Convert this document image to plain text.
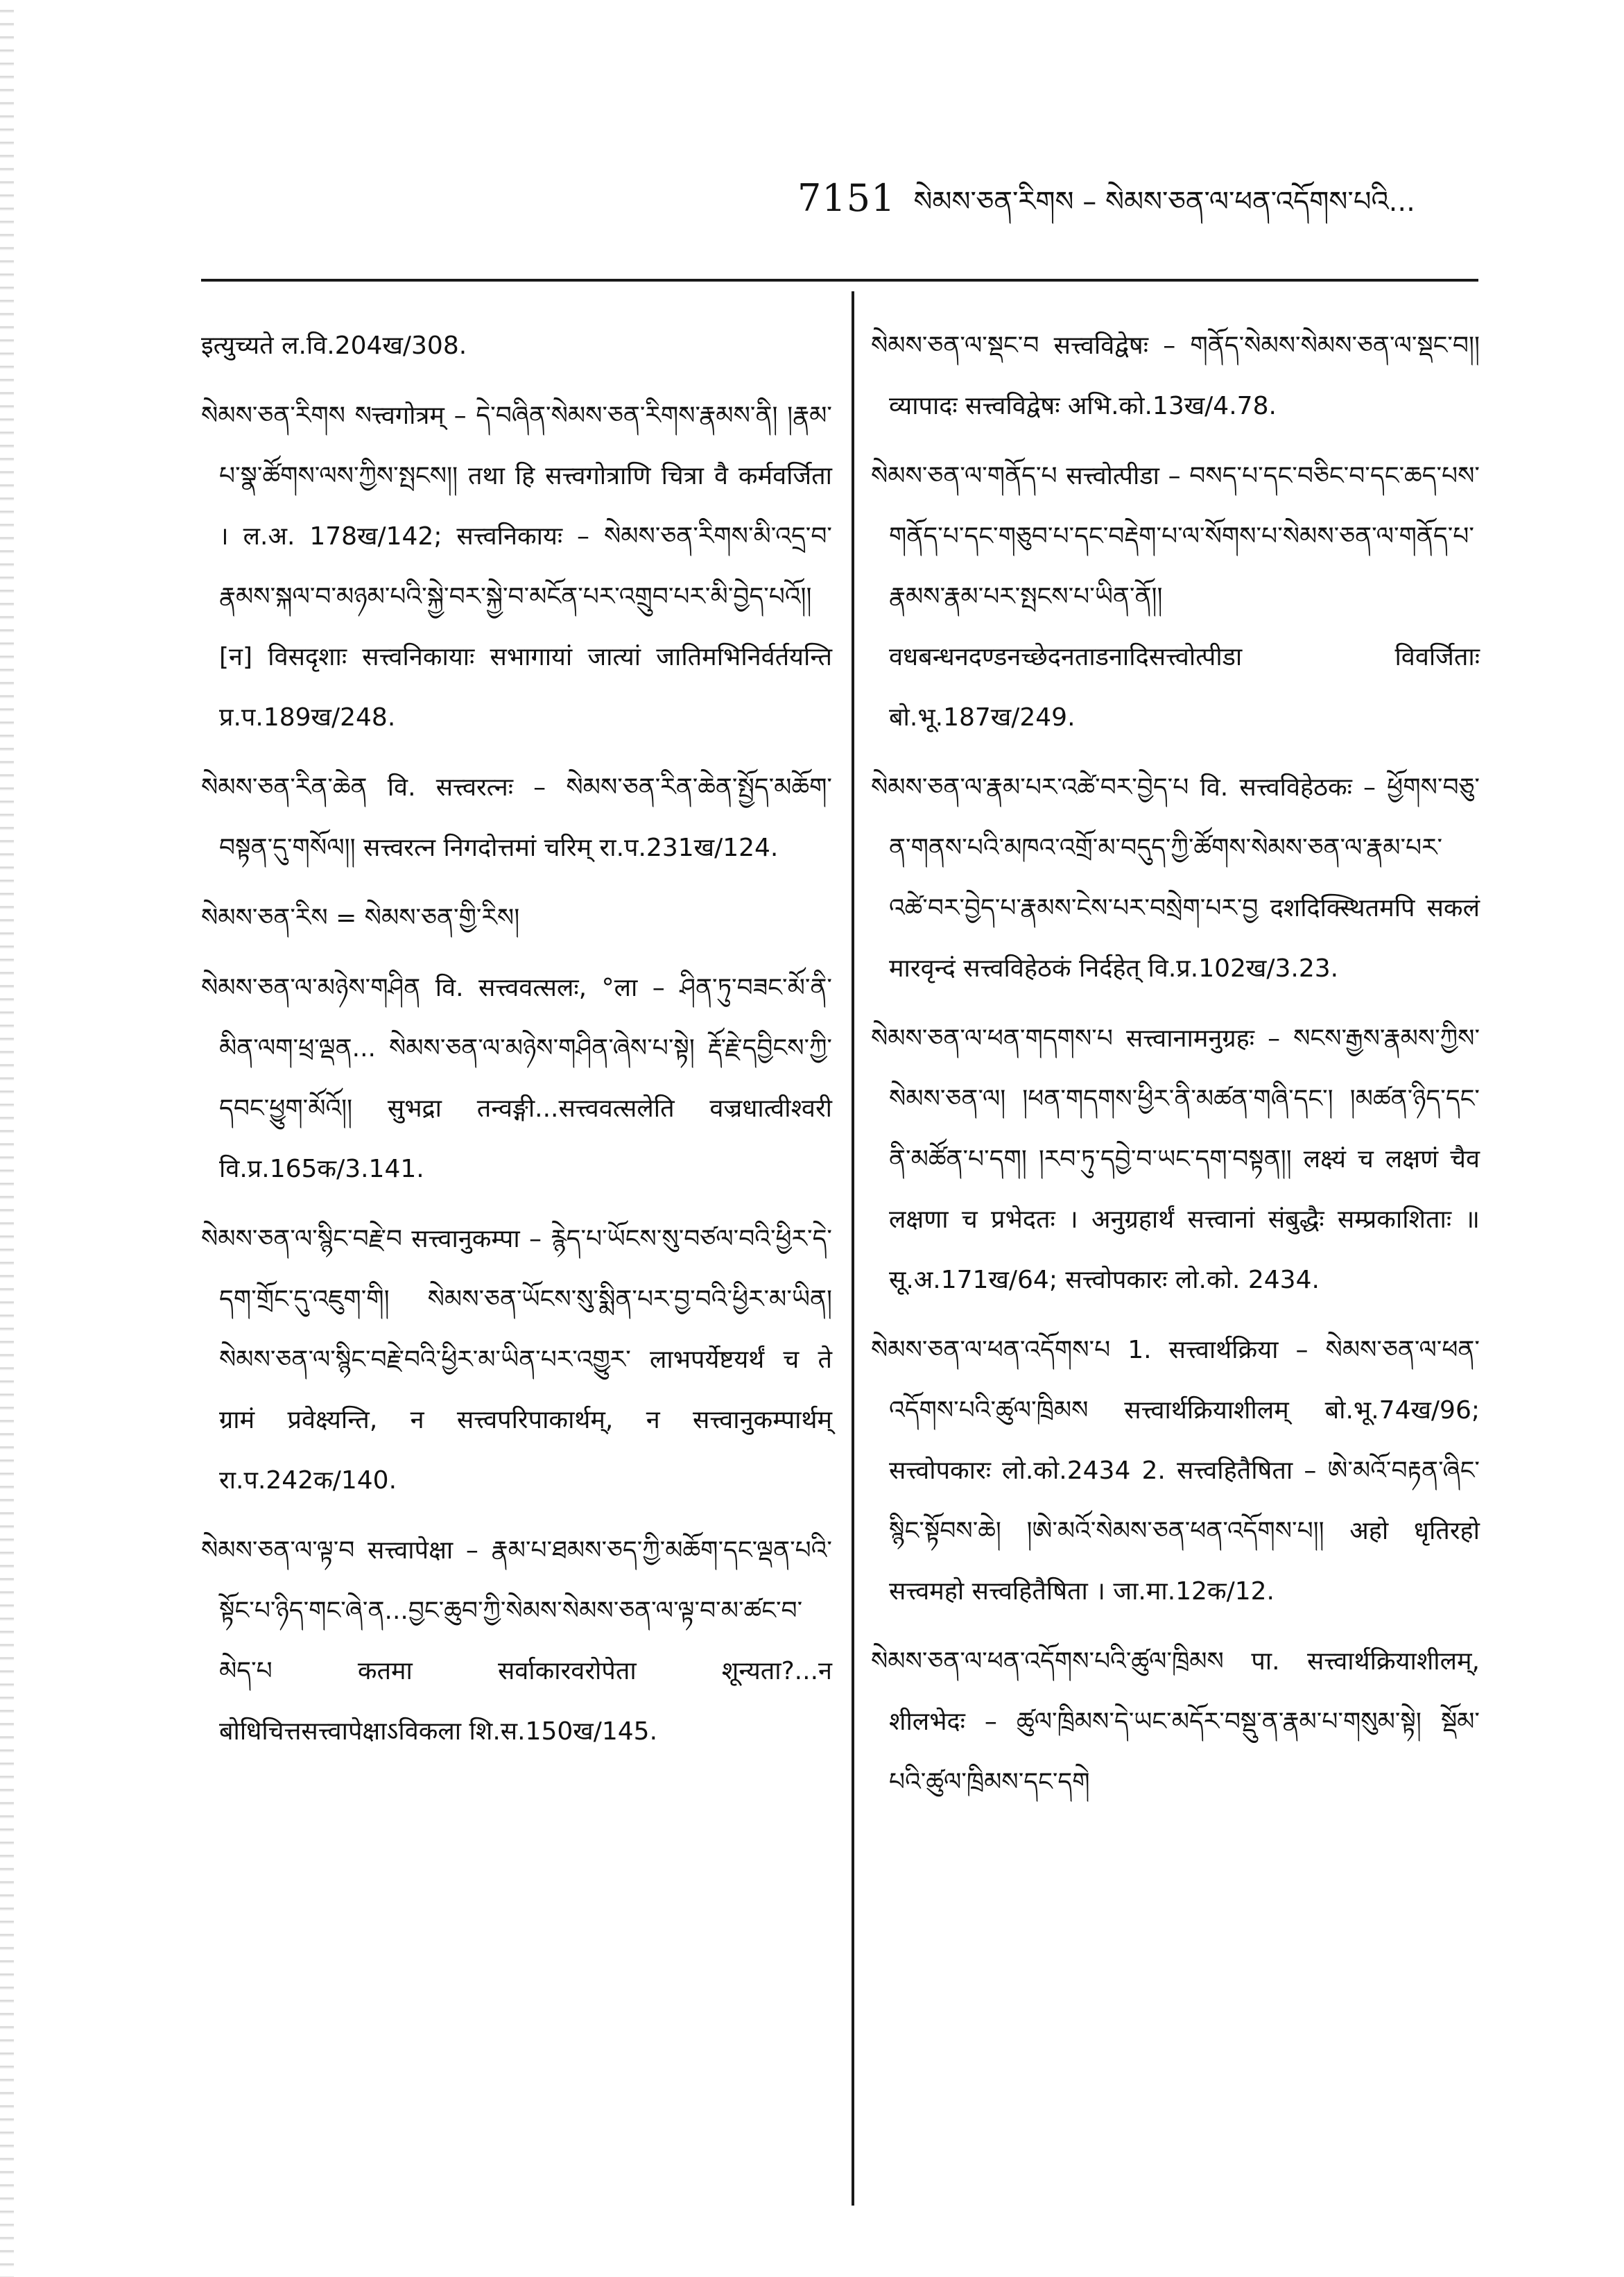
7151 སེམས་ཅན་རིགས – སེམས་ཅན་ལ་ཕན་འདོགས་པའི...

इत्युच्यते ल.वि.204ख/308.

སེམས་ཅན་རིགས སत्त्वगोत्रम् – དེ་བཞིན་སེམས་ཅན་རིགས་རྣམས་ནི། །རྣམ་པ་སྣ་ཚོགས་ལས་ཀྱིས་སྤངས།། तथा हि सत्त्वगोत्राणि चित्रा वै कर्मवर्जिता । ल.अ. 178ख/142; सत्त्वनिकायः – སེམས་ཅན་རིགས་མི་འདྲ་བ་རྣམས་སྐལ་བ་མཉམ་པའི་སྐྱེ་བར་སྐྱེ་བ་མངོན་པར་འགྲུབ་པར་མི་བྱེད་པའོ།། [न] विसदृशाः सत्त्वनिकायाः सभागायां जात्यां जातिमभिनिर्वर्तयन्ति प्र.प.189ख/248.

སེམས་ཅན་རིན་ཆེན वि. सत्त्वरत्नः – སེམས་ཅན་རིན་ཆེན་སྤྱོད་མཆོག་བསྟན་དུ་གསོལ།། सत्त्वरत्न निगदोत्तमां चरिम् रा.प.231ख/124.

སེམས་ཅན་རིས = སེམས་ཅན་གྱི་རིས།

སེམས་ཅན་ལ་མཉེས་གཤིན वि. सत्त्ववत्सलः, °ला – ཤིན་ཏུ་བཟང་མོ་ནི་མིན་ལག་ཕྲ་ལྡན... སེམས་ཅན་ལ་མཉེས་གཤིན་ཞེས་པ་སྟེ། རྡོ་རྗེ་དབྱིངས་ཀྱི་དབང་ཕྱུག་མོའོ།། सुभद्रा तन्वङ्गी...सत्त्ववत्सलेति वज्रधात्वीश्वरी वि.प्र.165क/3.141.

སེམས་ཅན་ལ་སྙིང་བརྗེ་བ सत्त्वानुकम्पा – རྙེད་པ་ཡོངས་སུ་བཙལ་བའི་ཕྱིར་དེ་དག་གྲོང་དུ་འཇུག་གི། སེམས་ཅན་ཡོངས་སུ་སྨིན་པར་བྱ་བའི་ཕྱིར་མ་ཡིན། སེམས་ཅན་ལ་སྙིང་བརྗེ་བའི་ཕྱིར་མ་ཡིན་པར་འགྱུར་ लाभपर्येष्टयर्थं च ते ग्रामं प्रवेक्ष्यन्ति, न सत्त्वपरिपाकार्थम्, न सत्त्वानुकम्पार्थम् रा.प.242क/140.

སེམས་ཅན་ལ་ལྟ་བ सत्त्वापेक्षा – རྣམ་པ་ཐམས་ཅད་ཀྱི་མཆོག་དང་ལྡན་པའི་སྟོང་པ་ཉིད་གང་ཞེ་ན...བྱང་ཆུབ་ཀྱི་སེམས་སེམས་ཅན་ལ་ལྟ་བ་མ་ཚང་བ་མེད་པ कतमा सर्वाकारवरोपेता शून्यता?...न बोधिचित्तसत्त्वापेक्षाऽविकला शि.स.150ख/145.

སེམས་ཅན་ལ་སྡང་བ सत्त्वविद्वेषः – གནོད་སེམས་སེམས་ཅན་ལ་སྡང་བ།། व्यापादः सत्त्वविद्वेषः अभि.को.13ख/4.78.

སེམས་ཅན་ལ་གནོད་པ सत्त्वोत्पीडा – བསད་པ་དང་བཅིང་བ་དང་ཆད་པས་གནོད་པ་དང་གཅུབ་པ་དང་བརྡེག་པ་ལ་སོགས་པ་སེམས་ཅན་ལ་གནོད་པ་རྣམས་རྣམ་པར་སྤངས་པ་ཡིན་ནོ།། वधबन्धनदण्डनच्छेदनताडनादिसत्त्वोत्पीडा विवर्जिताः बो.भू.187ख/249.

སེམས་ཅན་ལ་རྣམ་པར་འཚེ་བར་བྱེད་པ वि. सत्त्वविहेठकः – ཕྱོགས་བཅུ་ན་གནས་པའི་མཁའ་འགྲོ་མ་བདུད་ཀྱི་ཚོགས་སེམས་ཅན་ལ་རྣམ་པར་འཚེ་བར་བྱེད་པ་རྣམས་ངེས་པར་བསྲེག་པར་བྱ दशदिक्स्थितमपि सकलं मारवृन्दं सत्त्वविहेठकं निर्दहेत् वि.प्र.102ख/3.23.

སེམས་ཅན་ལ་ཕན་གདགས་པ सत्त्वानामनुग्रहः – སངས་རྒྱས་རྣམས་ཀྱིས་སེམས་ཅན་ལ། །ཕན་གདགས་ཕྱིར་ནི་མཚན་གཞི་དང་། །མཚན་ཉིད་དང་ནི་མཚོན་པ་དག། །རབ་ཏུ་དབྱེ་བ་ཡང་དག་བསྟན།། लक्ष्यं च लक्षणं चैव लक्षणा च प्रभेदतः । अनुग्रहार्थं सत्त्वानां संबुद्धैः सम्प्रकाशिताः ॥ सू.अ.171ख/64; सत्त्वोपकारः लो.को. 2434.

སེམས་ཅན་ལ་ཕན་འདོགས་པ 1. सत्त्वार्थक्रिया – སེམས་ཅན་ལ་ཕན་འདོགས་པའི་ཚུལ་ཁྲིམས सत्त्वार्थक्रियाशीलम् बो.भू.74ख/96; सत्त्वोपकारः लो.को.2434 2. सत्त्वहितैषिता – ཨེ་མའོ་བརྟན་ཞིང་སྙིང་སྟོབས་ཆེ། །ཨེ་མའོ་སེམས་ཅན་ཕན་འདོགས་པ།། अहो धृतिरहो सत्त्वमहो सत्त्वहितैषिता । जा.मा.12क/12.

སེམས་ཅན་ལ་ཕན་འདོགས་པའི་ཚུལ་ཁྲིམས पा. सत्त्वार्थक्रियाशीलम्, शीलभेदः – ཚུལ་ཁྲིམས་དེ་ཡང་མདོར་བསྡུ་ན་རྣམ་པ་གསུམ་སྟེ། སྡོམ་པའི་ཚུལ་ཁྲིམས་དང་དགེ
